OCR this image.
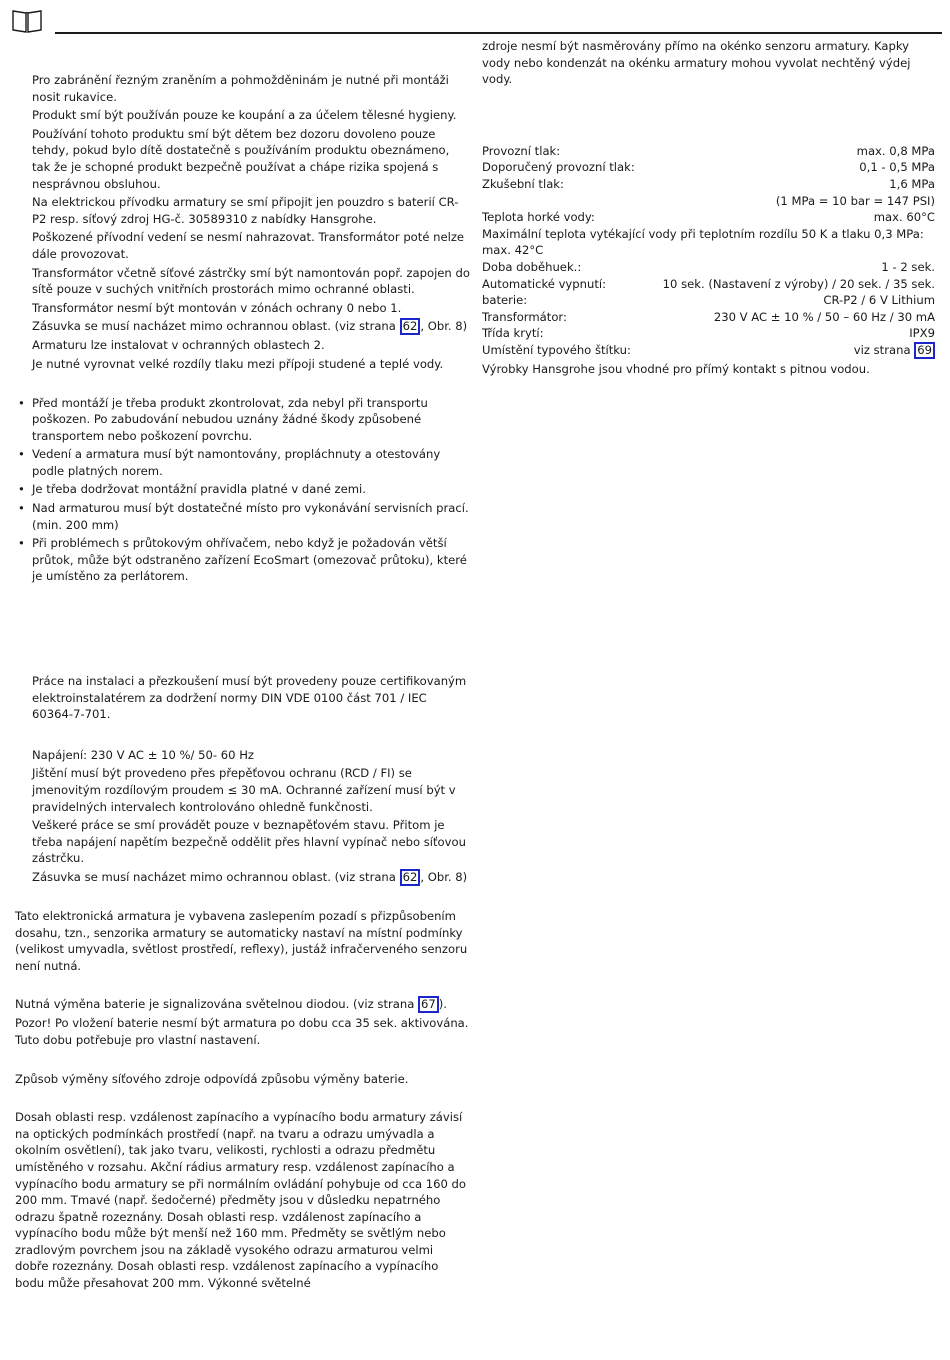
Pro zabránění řezným zraněním a pohmožděninám je nutné při montáži nosit rukavice.

Produkt smí být používán pouze ke koupání a za účelem tělesné hygieny.

Používání tohoto produktu smí být dětem bez dozoru dovoleno pouze tehdy, pokud bylo dítě dostatečně s používáním produktu obeznámeno, tak že je schopné produkt bezpečně používat a chápe rizika spojená s nesprávnou obsluhou.

Na elektrickou přívodku armatury se smí připojit jen pouzdro s baterií CR-P2 resp. síťový zdroj HG-č. 30589310 z nabídky Hansgrohe.

Poškozené přívodní vedení se nesmí nahrazovat. Transformátor poté nelze dále provozovat.

Transformátor včetně síťové zástrčky smí být namontován popř. zapojen do sítě pouze v suchých vnitřních prostorách mimo ochranné oblasti.

Transformátor nesmí být montován v zónách ochrany 0 nebo 1.

Zásuvka se musí nacházet mimo ochrannou oblast. (viz strana 62 , Obr. 8)

Armaturu lze instalovat v ochranných oblastech 2.

Je nutné vyrovnat velké rozdíly tlaku mezi přípoji studené a teplé vody.

• Před montáží je třeba produkt zkontrolovat, zda nebyl při transportu poškozen. Po zabudování nebudou uznány žádné škody způsobené transportem nebo poškození povrchu.
• Vedení a armatura musí být namontovány, propláchnuty a otestovány podle platných norem.
• Je třeba dodržovat montážní pravidla platné v dané zemi.
• Nad armaturou musí být dostatečné místo pro vykonávání servisních prací. (min. 200 mm)
• Při problémech s průtokovým ohřívačem, nebo když je požadován větší průtok, může být odstraněno zařízení EcoSmart (omezovač průtoku), které je umístěno za perlátorem.

Práce na instalaci a přezkoušení musí být provedeny pouze certifikovaným elektroinstalatérem za dodržení normy DIN VDE 0100 část 701 / IEC 60364-7-701.

Napájení: 230 V AC ± 10 %/ 50- 60 Hz

Jištění musí být provedeno přes přepěťovou ochranu (RCD / FI) se jmenovitým rozdílovým proudem ≤ 30 mA. Ochranné zařízení musí být v pravidelných intervalech kontrolováno ohledně funkčnosti.

Veškeré práce se smí provádět pouze v beznapěťovém stavu. Přitom je třeba napájení napětím bezpečně oddělit přes hlavní vypínač nebo síťovou zástrčku.

Zásuvka se musí nacházet mimo ochrannou oblast. (viz strana 62 , Obr. 8)

Tato elektronická armatura je vybavena zaslepením pozadí s přizpůsobením dosahu, tzn., senzorika armatury se automaticky nastaví na místní podmínky (velikost umyvadla, světlost prostředí, reflexy), justáž infračerveného senzoru není nutná.

Nutná výměna baterie je signalizována světelnou diodou. (viz strana 67 ).

Pozor! Po vložení baterie nesmí být armatura po dobu cca 35 sek. aktivována. Tuto dobu potřebuje pro vlastní nastavení.

Způsob výměny síťového zdroje odpovídá způsobu výměny baterie.

Dosah oblasti resp. vzdálenost zapínacího a vypínacího bodu armatury závisí na optických podmínkách prostředí (např. na tvaru a odrazu umývadla a okolním osvětlení), tak jako tvaru, velikosti, rychlosti a odrazu předmětu umístěného v rozsahu. Akční rádius armatury resp. vzdálenost zapínacího a vypínacího bodu armatury se při normálním ovládání pohybuje od cca 160 do 200 mm. Tmavé (např. šedočerné) předměty jsou v důsledku nepatrného odrazu špatně rozeznány. Dosah oblasti resp. vzdálenost zapínacího a vypínacího bodu může být menší než 160 mm. Předměty se světlým nebo zradlovým povrchem jsou na základě vysokého odrazu armaturou velmi dobře rozeznány. Dosah oblasti resp. vzdálenost zapínacího a vypínacího bodu může přesahovat 200 mm. Výkonné světelné

zdroje nesmí být nasměrovány přímo na okénko senzoru armatury. Kapky vody nebo kondenzát na okénku armatury mohou vyvolat nechtěný výdej vody.

Provozní tlak:	max. 0,8 MPa
Doporučený provozní tlak:	0,1 - 0,5 MPa
Zkušební tlak:	1,6 MPa
(1 MPa = 10 bar = 147 PSI)
Teplota horké vody:	max. 60°C
Maximální teplota vytékající vody při teplotním rozdílu 50 K a tlaku 0,3 MPa: max. 42°C
Doba doběhuek.:	1 - 2 sek.
Automatické vypnutí:	10 sek. (Nastavení z výroby) / 20 sek. / 35 sek.
baterie:	CR-P2 / 6 V Lithium
Transformátor:	230 V AC ± 10 % / 50 – 60 Hz / 30 mA
Třída krytí:	IPX9
Umístění typového štítku:	viz strana 69

Výrobky Hansgrohe jsou vhodné pro přímý kontakt s pitnou vodou.
